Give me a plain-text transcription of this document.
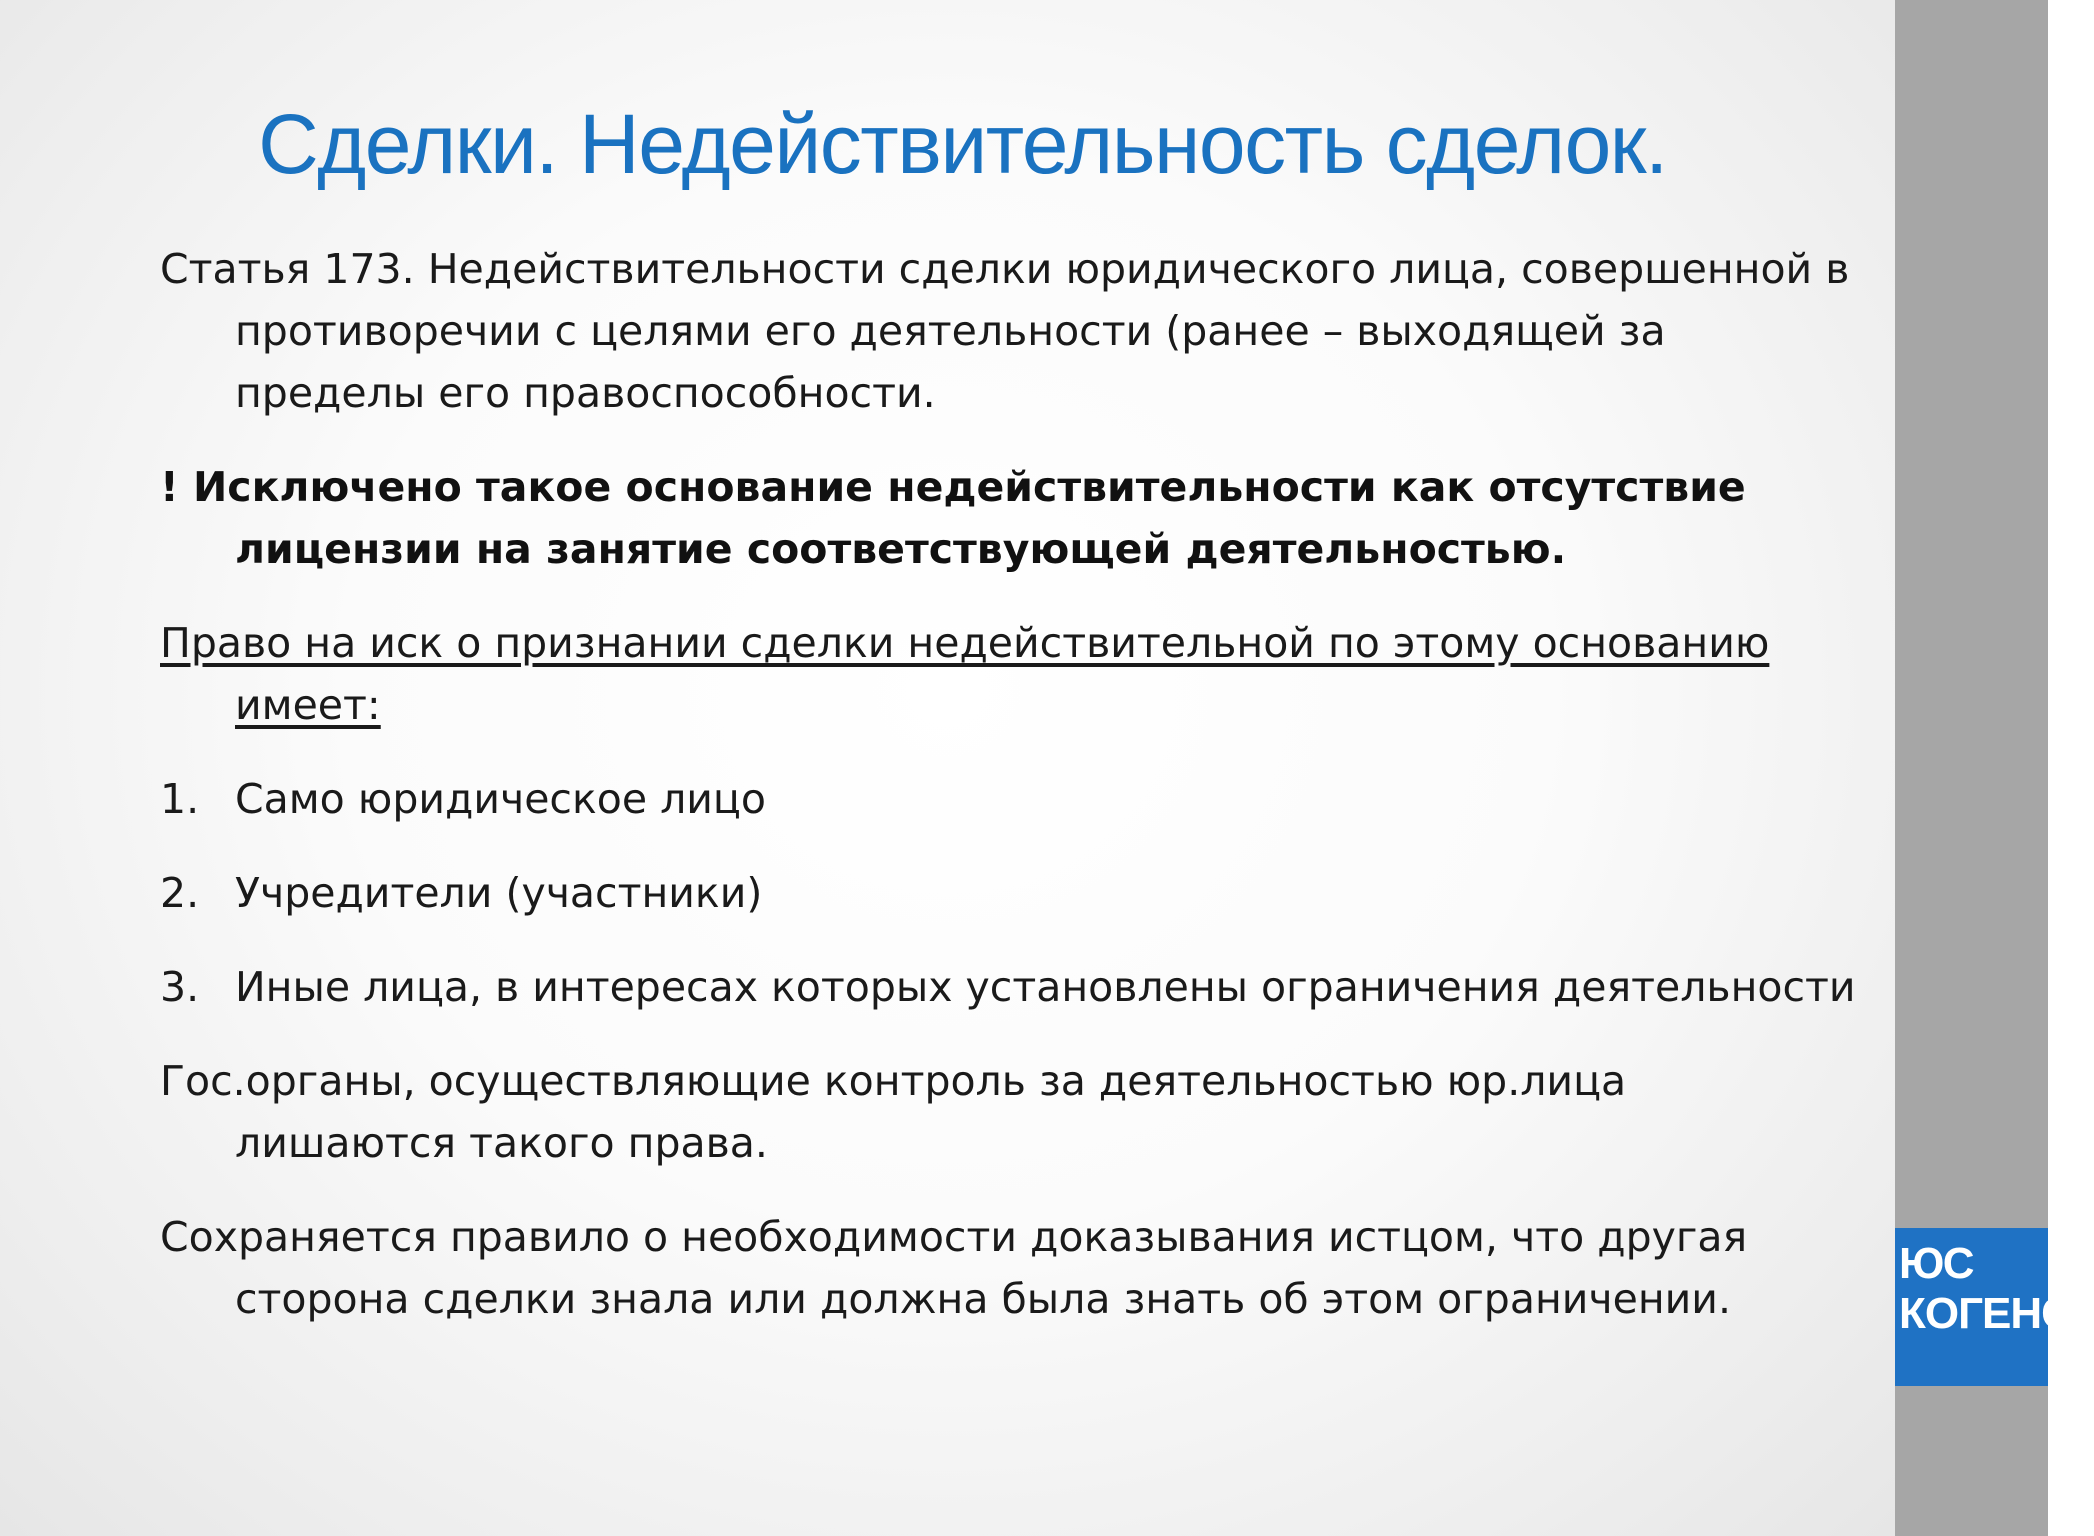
Сделки. Недействительность сделок.

Статья 173. Недействительности сделки юридического лица, совершенной в противоречии с целями его деятельности (ранее – выходящей за пределы его правоспособности.

! Исключено такое основание недействительности как отсутствие лицензии на занятие соответствующей деятельностью.

Право на иск о признании сделки недействительной по этому основанию имеет:

1. Само юридическое лицо
2. Учредители (участники)
3. Иные лица, в интересах которых установлены ограничения деятельности

Гос.органы, осуществляющие контроль за деятельностью юр.лица лишаются такого права.

Сохраняется правило о необходимости доказывания истцом, что другая сторона сделки знала или должна была знать об этом ограничении.

ЮС
КОГЕНС I
